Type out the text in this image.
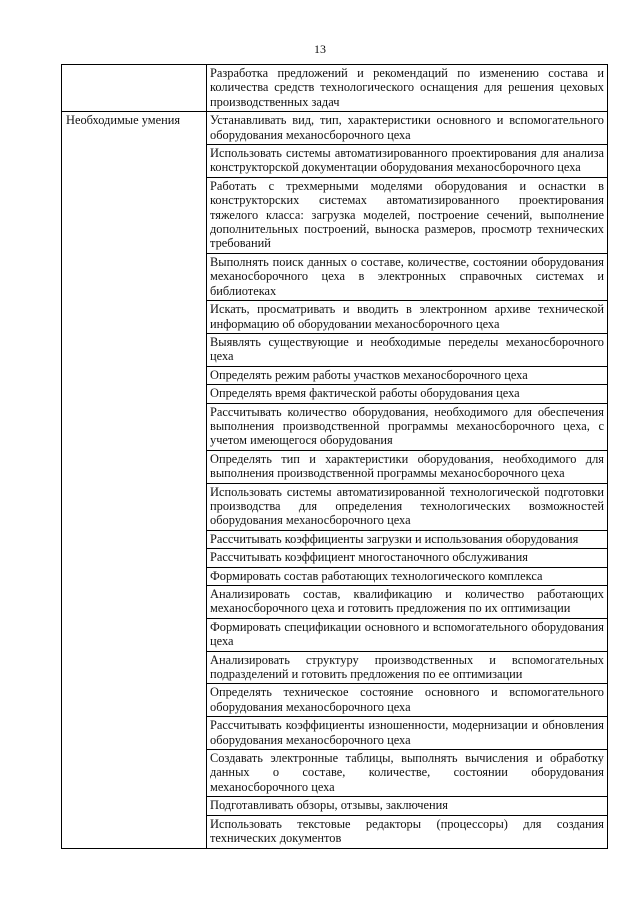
13
	Разработка предложений и рекомендаций по изменению состава и количества средств технологического оснащения для решения цеховых производственных задач
Необходимые умения	Устанавливать вид, тип, характеристики основного и вспомогательного оборудования механосборочного цеха
	Использовать системы автоматизированного проектирования для анализа конструкторской документации оборудования механосборочного цеха
	Работать с трехмерными моделями оборудования и оснастки в конструкторских системах автоматизированного проектирования тяжелого класса: загрузка моделей, построение сечений, выполнение дополнительных построений, выноска размеров, просмотр технических требований
	Выполнять поиск данных о составе, количестве, состоянии оборудования механосборочного цеха в электронных справочных системах и библиотеках
	Искать, просматривать и вводить в электронном архиве технической информацию об оборудовании механосборочного цеха
	Выявлять существующие и необходимые переделы механосборочного цеха
	Определять режим работы участков механосборочного цеха
	Определять время фактической работы оборудования цеха
	Рассчитывать количество оборудования, необходимого для обеспечения выполнения производственной программы механосборочного цеха, с учетом имеющегося оборудования
	Определять тип и характеристики оборудования, необходимого для выполнения производственной программы механосборочного цеха
	Использовать системы автоматизированной технологической подготовки производства для определения технологических возможностей оборудования механосборочного цеха
	Рассчитывать коэффициенты загрузки и использования оборудования
	Рассчитывать коэффициент многостаночного обслуживания
	Формировать состав работающих технологического комплекса
	Анализировать состав, квалификацию и количество работающих механосборочного цеха и готовить предложения по их оптимизации
	Формировать спецификации основного и вспомогательного оборудования цеха
	Анализировать структуру производственных и вспомогательных подразделений и готовить предложения по ее оптимизации
	Определять техническое состояние основного и вспомогательного оборудования механосборочного цеха
	Рассчитывать коэффициенты изношенности, модернизации и обновления оборудования механосборочного цеха
	Создавать электронные таблицы, выполнять вычисления и обработку данных о составе, количестве, состоянии оборудования механосборочного цеха
	Подготавливать обзоры, отзывы, заключения
	Использовать текстовые редакторы (процессоры) для создания технических документов
